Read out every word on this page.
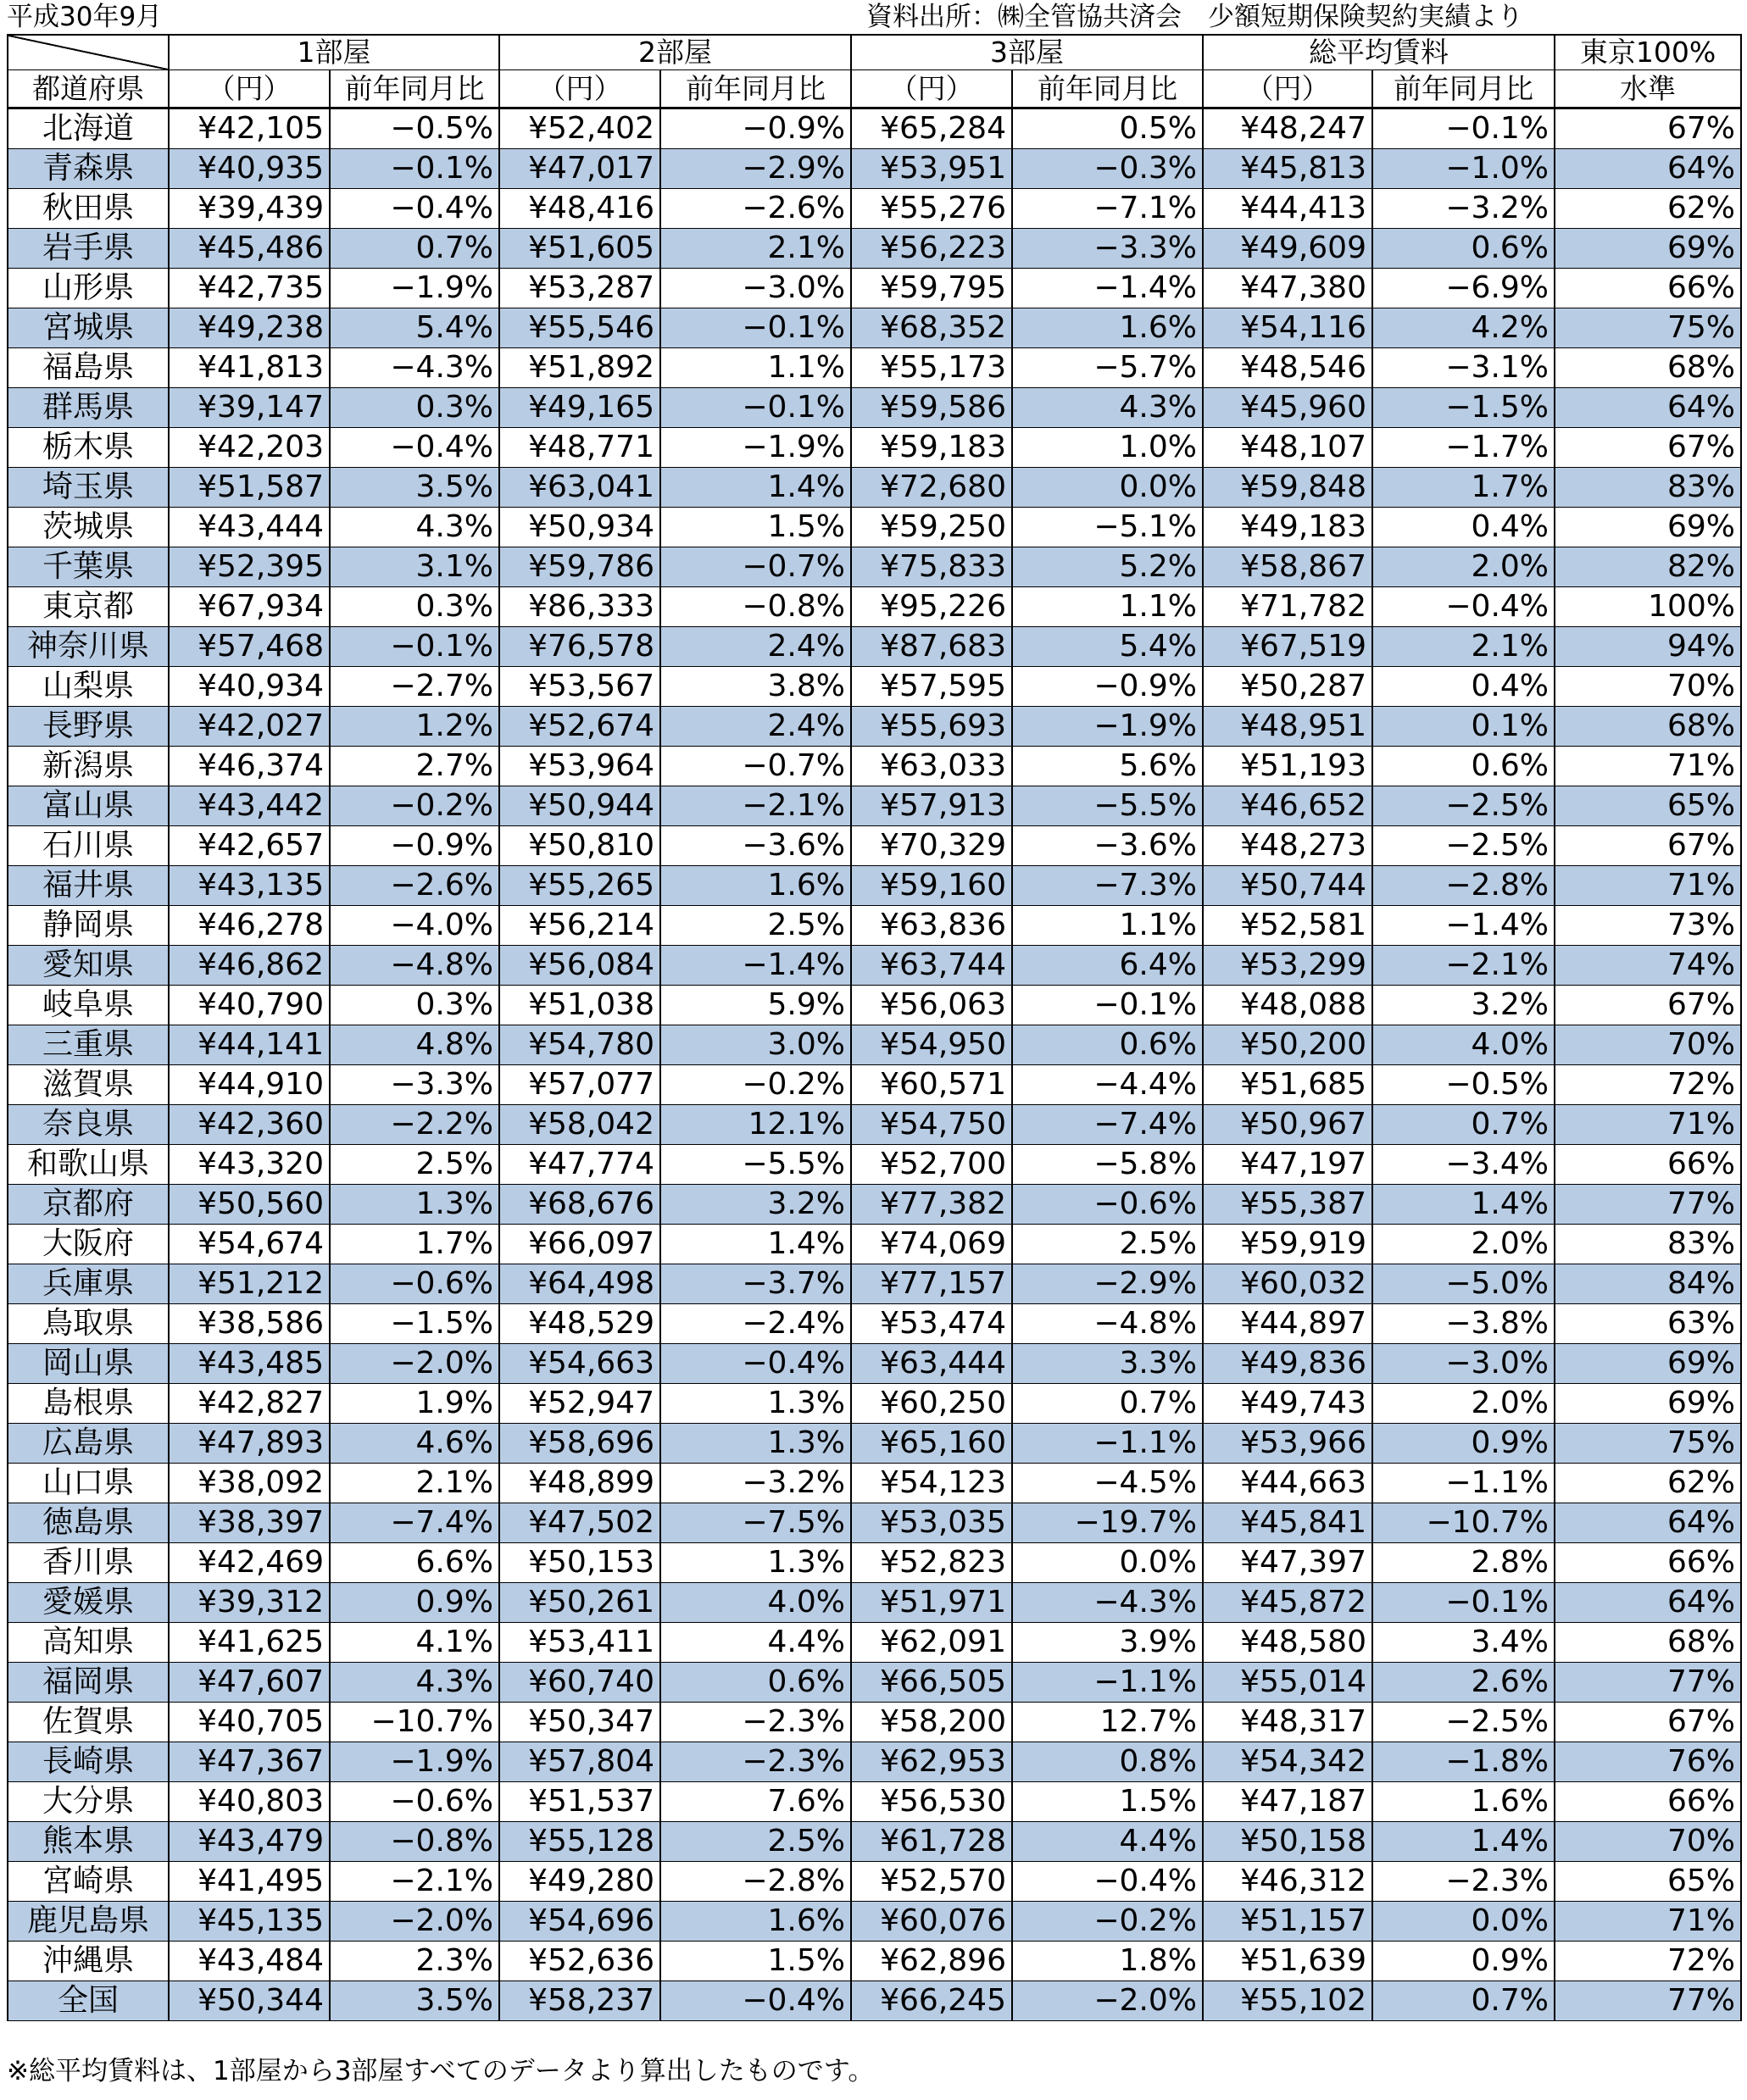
平成30年9月	資料出所：㈱全管協共済会　少額短期保険契約実績より
	1部屋		2部屋		3部屋		総平均賃料		東京100%
都道府県	（円）	前年同月比	（円）	前年同月比	（円）	前年同月比	（円）	前年同月比	水準
北海道	¥42,105	−0.5%	¥52,402	−0.9%	¥65,284	0.5%	¥48,247	−0.1%	67%
青森県	¥40,935	−0.1%	¥47,017	−2.9%	¥53,951	−0.3%	¥45,813	−1.0%	64%
秋田県	¥39,439	−0.4%	¥48,416	−2.6%	¥55,276	−7.1%	¥44,413	−3.2%	62%
岩手県	¥45,486	0.7%	¥51,605	2.1%	¥56,223	−3.3%	¥49,609	0.6%	69%
山形県	¥42,735	−1.9%	¥53,287	−3.0%	¥59,795	−1.4%	¥47,380	−6.9%	66%
宮城県	¥49,238	5.4%	¥55,546	−0.1%	¥68,352	1.6%	¥54,116	4.2%	75%
福島県	¥41,813	−4.3%	¥51,892	1.1%	¥55,173	−5.7%	¥48,546	−3.1%	68%
群馬県	¥39,147	0.3%	¥49,165	−0.1%	¥59,586	4.3%	¥45,960	−1.5%	64%
栃木県	¥42,203	−0.4%	¥48,771	−1.9%	¥59,183	1.0%	¥48,107	−1.7%	67%
埼玉県	¥51,587	3.5%	¥63,041	1.4%	¥72,680	0.0%	¥59,848	1.7%	83%
茨城県	¥43,444	4.3%	¥50,934	1.5%	¥59,250	−5.1%	¥49,183	0.4%	69%
千葉県	¥52,395	3.1%	¥59,786	−0.7%	¥75,833	5.2%	¥58,867	2.0%	82%
東京都	¥67,934	0.3%	¥86,333	−0.8%	¥95,226	1.1%	¥71,782	−0.4%	100%
神奈川県	¥57,468	−0.1%	¥76,578	2.4%	¥87,683	5.4%	¥67,519	2.1%	94%
山梨県	¥40,934	−2.7%	¥53,567	3.8%	¥57,595	−0.9%	¥50,287	0.4%	70%
長野県	¥42,027	1.2%	¥52,674	2.4%	¥55,693	−1.9%	¥48,951	0.1%	68%
新潟県	¥46,374	2.7%	¥53,964	−0.7%	¥63,033	5.6%	¥51,193	0.6%	71%
富山県	¥43,442	−0.2%	¥50,944	−2.1%	¥57,913	−5.5%	¥46,652	−2.5%	65%
石川県	¥42,657	−0.9%	¥50,810	−3.6%	¥70,329	−3.6%	¥48,273	−2.5%	67%
福井県	¥43,135	−2.6%	¥55,265	1.6%	¥59,160	−7.3%	¥50,744	−2.8%	71%
静岡県	¥46,278	−4.0%	¥56,214	2.5%	¥63,836	1.1%	¥52,581	−1.4%	73%
愛知県	¥46,862	−4.8%	¥56,084	−1.4%	¥63,744	6.4%	¥53,299	−2.1%	74%
岐阜県	¥40,790	0.3%	¥51,038	5.9%	¥56,063	−0.1%	¥48,088	3.2%	67%
三重県	¥44,141	4.8%	¥54,780	3.0%	¥54,950	0.6%	¥50,200	4.0%	70%
滋賀県	¥44,910	−3.3%	¥57,077	−0.2%	¥60,571	−4.4%	¥51,685	−0.5%	72%
奈良県	¥42,360	−2.2%	¥58,042	12.1%	¥54,750	−7.4%	¥50,967	0.7%	71%
和歌山県	¥43,320	2.5%	¥47,774	−5.5%	¥52,700	−5.8%	¥47,197	−3.4%	66%
京都府	¥50,560	1.3%	¥68,676	3.2%	¥77,382	−0.6%	¥55,387	1.4%	77%
大阪府	¥54,674	1.7%	¥66,097	1.4%	¥74,069	2.5%	¥59,919	2.0%	83%
兵庫県	¥51,212	−0.6%	¥64,498	−3.7%	¥77,157	−2.9%	¥60,032	−5.0%	84%
鳥取県	¥38,586	−1.5%	¥48,529	−2.4%	¥53,474	−4.8%	¥44,897	−3.8%	63%
岡山県	¥43,485	−2.0%	¥54,663	−0.4%	¥63,444	3.3%	¥49,836	−3.0%	69%
島根県	¥42,827	1.9%	¥52,947	1.3%	¥60,250	0.7%	¥49,743	2.0%	69%
広島県	¥47,893	4.6%	¥58,696	1.3%	¥65,160	−1.1%	¥53,966	0.9%	75%
山口県	¥38,092	2.1%	¥48,899	−3.2%	¥54,123	−4.5%	¥44,663	−1.1%	62%
徳島県	¥38,397	−7.4%	¥47,502	−7.5%	¥53,035	−19.7%	¥45,841	−10.7%	64%
香川県	¥42,469	6.6%	¥50,153	1.3%	¥52,823	0.0%	¥47,397	2.8%	66%
愛媛県	¥39,312	0.9%	¥50,261	4.0%	¥51,971	−4.3%	¥45,872	−0.1%	64%
高知県	¥41,625	4.1%	¥53,411	4.4%	¥62,091	3.9%	¥48,580	3.4%	68%
福岡県	¥47,607	4.3%	¥60,740	0.6%	¥66,505	−1.1%	¥55,014	2.6%	77%
佐賀県	¥40,705	−10.7%	¥50,347	−2.3%	¥58,200	12.7%	¥48,317	−2.5%	67%
長崎県	¥47,367	−1.9%	¥57,804	−2.3%	¥62,953	0.8%	¥54,342	−1.8%	76%
大分県	¥40,803	−0.6%	¥51,537	7.6%	¥56,530	1.5%	¥47,187	1.6%	66%
熊本県	¥43,479	−0.8%	¥55,128	2.5%	¥61,728	4.4%	¥50,158	1.4%	70%
宮崎県	¥41,495	−2.1%	¥49,280	−2.8%	¥52,570	−0.4%	¥46,312	−2.3%	65%
鹿児島県	¥45,135	−2.0%	¥54,696	1.6%	¥60,076	−0.2%	¥51,157	0.0%	71%
沖縄県	¥43,484	2.3%	¥52,636	1.5%	¥62,896	1.8%	¥51,639	0.9%	72%
全国	¥50,344	3.5%	¥58,237	−0.4%	¥66,245	−2.0%	¥55,102	0.7%	77%
※総平均賃料は、1部屋から3部屋すべてのデータより算出したものです。
